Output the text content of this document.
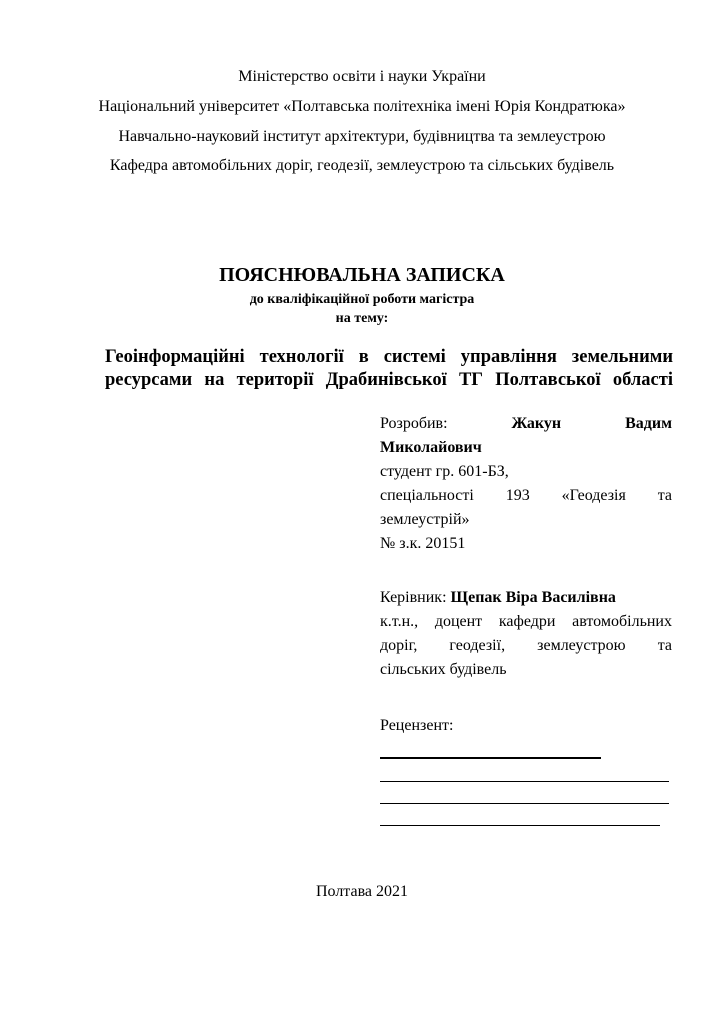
Міністерство освіти і науки України
Національний університет «Полтавська політехніка імені Юрія Кондратюка»
Навчально-науковий інститут архітектури, будівництва та землеустрою
Кафедра автомобільних доріг, геодезії, землеустрою та сільських будівель
ПОЯСНЮВАЛЬНА ЗАПИСКА
до кваліфікаційної роботи магістра
на тему:
Геоінформаційні технології в системі управління земельними
ресурсами на території Драбинівської ТГ Полтавської області
Розробив:	Жакун	Вадим
Миколайович
студент гр. 601-БЗ,
спеціальності 193 «Геодезія та
землеустрій»
№ з.к. 20151
Керівник: Щепак Віра Василівна
к.т.н., доцент кафедри автомобільних
доріг, геодезії, землеустрою та
сільських будівель
Рецензент:
Полтава 2021
